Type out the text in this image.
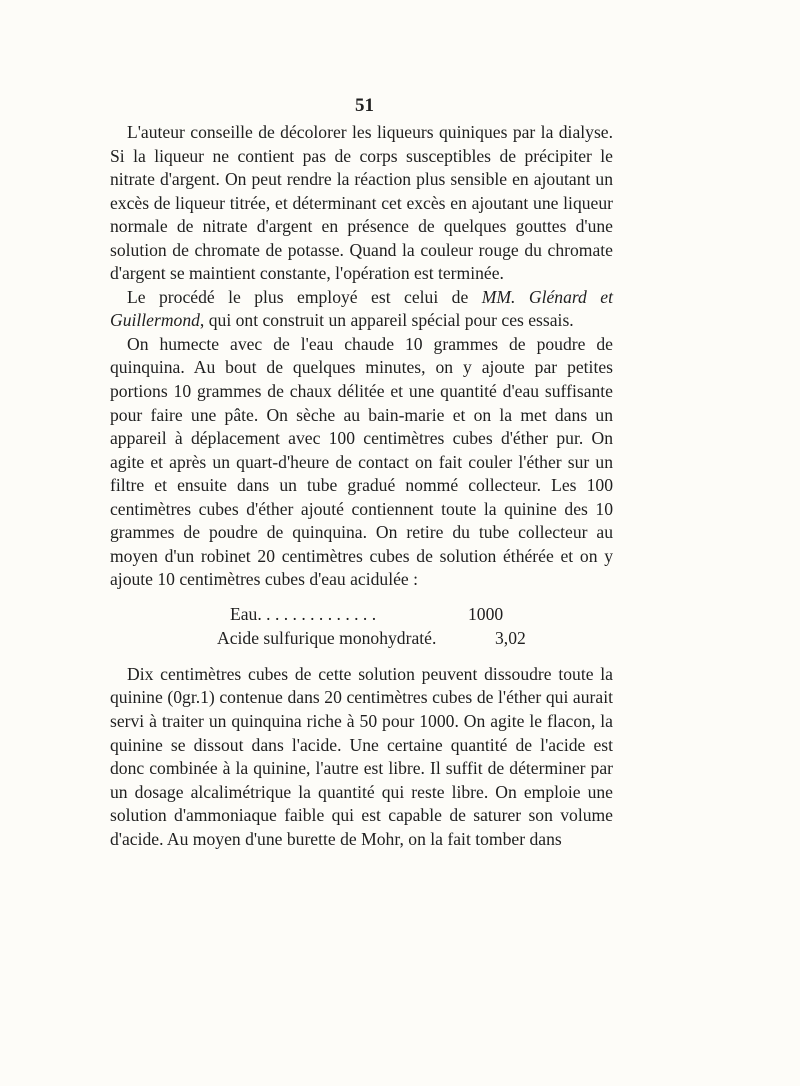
51

L'auteur conseille de décolorer les liqueurs quiniques par la dialyse. Si la liqueur ne contient pas de corps susceptibles de précipiter le nitrate d'argent. On peut rendre la réaction plus sensible en ajoutant un excès de liqueur titrée, et déterminant cet excès en ajoutant une liqueur normale de nitrate d'argent en présence de quelques gouttes d'une solution de chromate de potasse. Quand la couleur rouge du chromate d'argent se maintient constante, l'opération est terminée.

Le procédé le plus employé est celui de MM. Glénard et Guillermond, qui ont construit un appareil spécial pour ces essais.

On humecte avec de l'eau chaude 10 grammes de poudre de quinquina. Au bout de quelques minutes, on y ajoute par petites portions 10 grammes de chaux délitée et une quantité d'eau suffisante pour faire une pâte. On sèche au bain-marie et on la met dans un appareil à déplacement avec 100 centimètres cubes d'éther pur. On agite et après un quart-d'heure de contact on fait couler l'éther sur un filtre et ensuite dans un tube gradué nommé collecteur. Les 100 centimètres cubes d'éther ajouté contiennent toute la quinine des 10 grammes de poudre de quinquina. On retire du tube collecteur au moyen d'un robinet 20 centimètres cubes de solution éthérée et on y ajoute 10 centimètres cubes d'eau acidulée :

Eau. . . . . . . . . . . . . .	1000
Acide sulfurique monohydraté.	3,02

Dix centimètres cubes de cette solution peuvent dissoudre toute la quinine (0gr.1) contenue dans 20 centimètres cubes de l'éther qui aurait servi à traiter un quinquina riche à 50 pour 1000. On agite le flacon, la quinine se dissout dans l'acide. Une certaine quantité de l'acide est donc combinée à la quinine, l'autre est libre. Il suffit de déterminer par un dosage alcalimétrique la quantité qui reste libre. On emploie une solution d'ammoniaque faible qui est capable de saturer son volume d'acide. Au moyen d'une burette de Mohr, on la fait tomber dans
